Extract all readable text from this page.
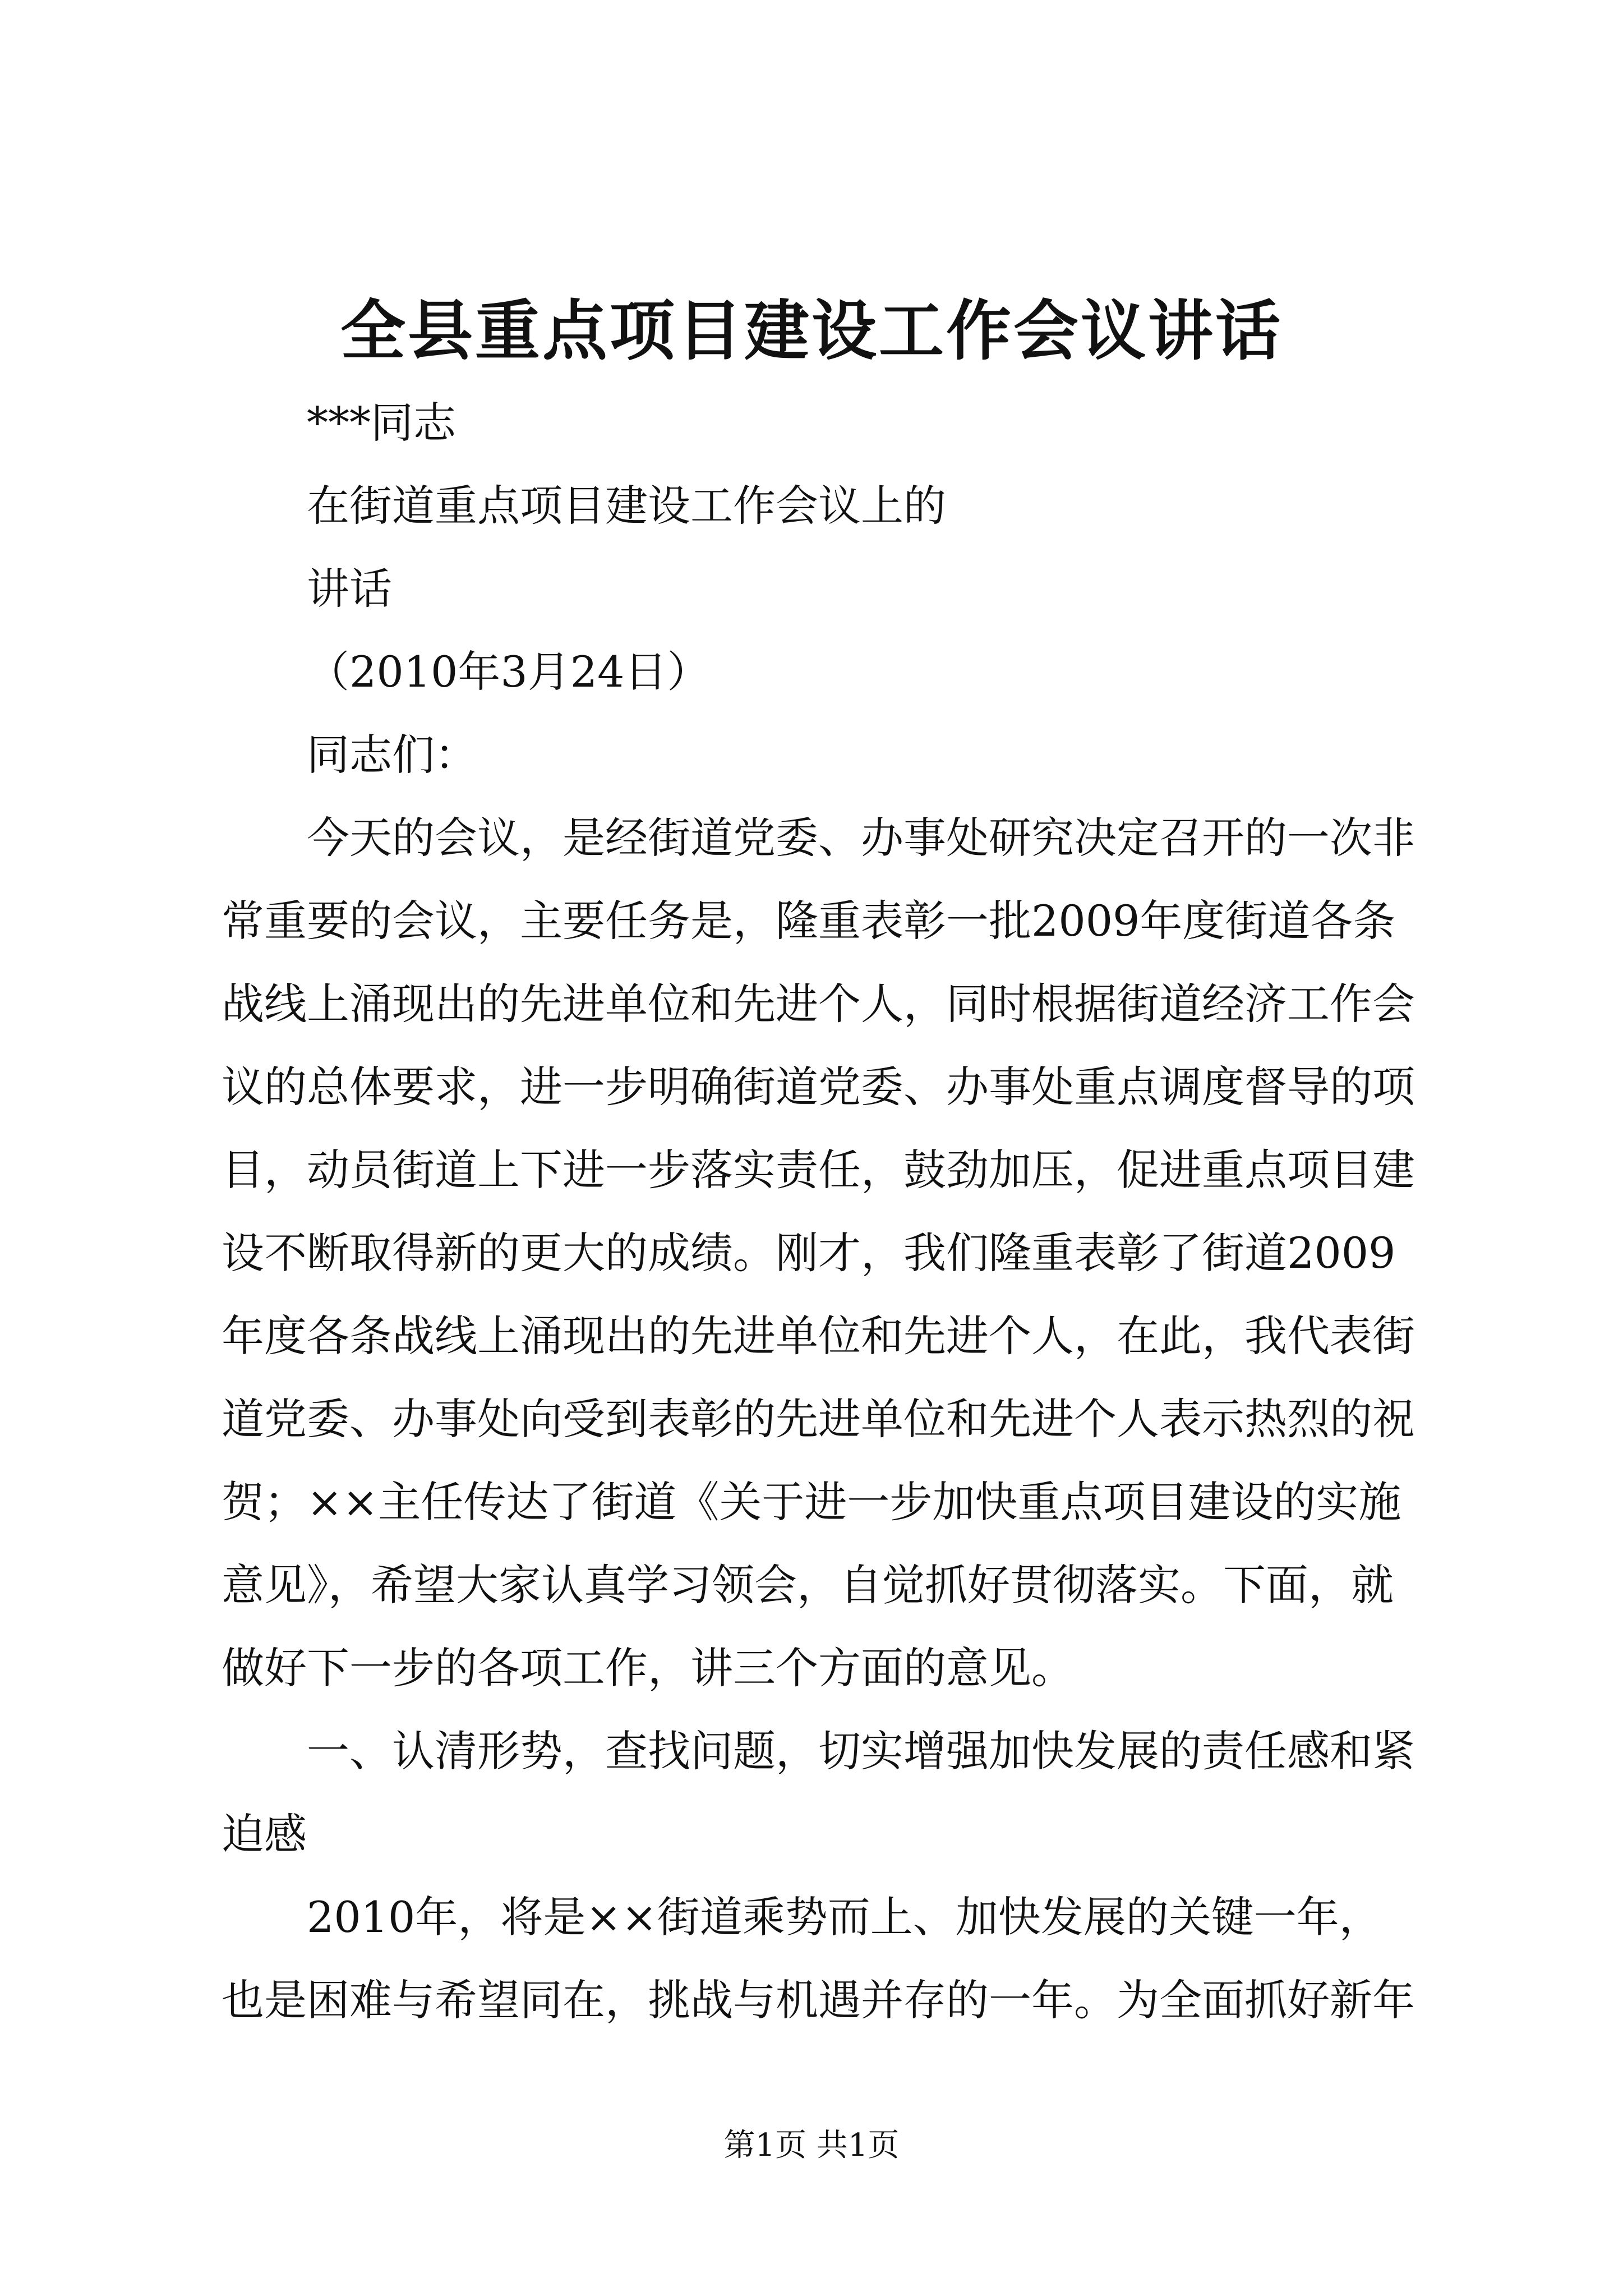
全县重点项目建设工作会议讲话
***同志
在街道重点项目建设工作会议上的
讲话
（2010年3月24日）
同志们：
今天的会议，是经街道党委、办事处研究决定召开的一次非
常重要的会议，主要任务是，隆重表彰一批2009年度街道各条
战线上涌现出的先进单位和先进个人，同时根据街道经济工作会
议的总体要求，进一步明确街道党委、办事处重点调度督导的项
目，动员街道上下进一步落实责任，鼓劲加压，促进重点项目建
设不断取得新的更大的成绩。刚才，我们隆重表彰了街道2009
年度各条战线上涌现出的先进单位和先进个人，在此，我代表街
道党委、办事处向受到表彰的先进单位和先进个人表示热烈的祝
贺；××主任传达了街道《关于进一步加快重点项目建设的实施
意见》，希望大家认真学习领会，自觉抓好贯彻落实。下面，就
做好下一步的各项工作，讲三个方面的意见。
一、认清形势，查找问题，切实增强加快发展的责任感和紧
迫感
2010年，将是××街道乘势而上、加快发展的关键一年，
也是困难与希望同在，挑战与机遇并存的一年。为全面抓好新年
第1页 共1页
